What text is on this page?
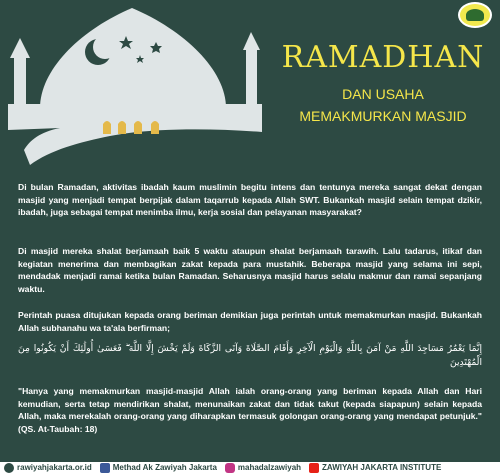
RAMADHAN
DAN USAHA
MEMAKMURKAN MASJID
Di bulan Ramadan, aktivitas ibadah kaum muslimin begitu intens dan tentunya mereka sangat dekat dengan masjid yang menjadi tempat berpijak dalam taqarrub kepada Allah SWT. Bukankah masjid selain tempat dzikir, ibadah, juga sebagai tempat menimba ilmu, kerja sosial dan pelayanan masyarakat?
Di masjid mereka shalat berjamaah baik 5 waktu ataupun shalat berjamaah tarawih. Lalu tadarus, itikaf dan kegiatan menerima dan membagikan zakat kepada para mustahik. Beberapa masjid yang selama ini sepi, mendadak menjadi ramai ketika bulan Ramadan. Seharusnya masjid harus selalu makmur dan ramai sepanjang waktu.
Perintah puasa ditujukan kepada orang beriman demikian juga perintah untuk memakmurkan masjid. Bukankah Allah subhanahu wa ta'ala berfirman;
إِنَّمَا يَعْمُرُ مَسَاجِدَ اللَّهِ مَنْ آمَنَ بِاللَّهِ وَالْيَوْمِ الْآخِرِ وَأَقَامَ الصَّلَاةَ وَآتَى الزَّكَاةَ وَلَمْ يَخْشَ إِلَّا اللَّهَ ۖ فَعَسَىٰ أُولَٰئِكَ أَنْ يَكُونُوا مِنَ الْمُهْتَدِينَ
"Hanya yang memakmurkan masjid-masjid Allah ialah orang-orang yang beriman kepada Allah dan Hari kemudian, serta tetap mendirikan shalat, menunaikan zakat dan tidak takut (kepada siapapun) selain kepada Allah, maka merekalah orang-orang yang diharapkan termasuk golongan orang-orang yang mendapat petunjuk."(QS. At-Taubah: 18)
rawiyahjakarta.or.id	Methad Ak Zawiyah Jakarta	mahadalzawiyah	ZAWIYAH JAKARTA INSTITUTE
